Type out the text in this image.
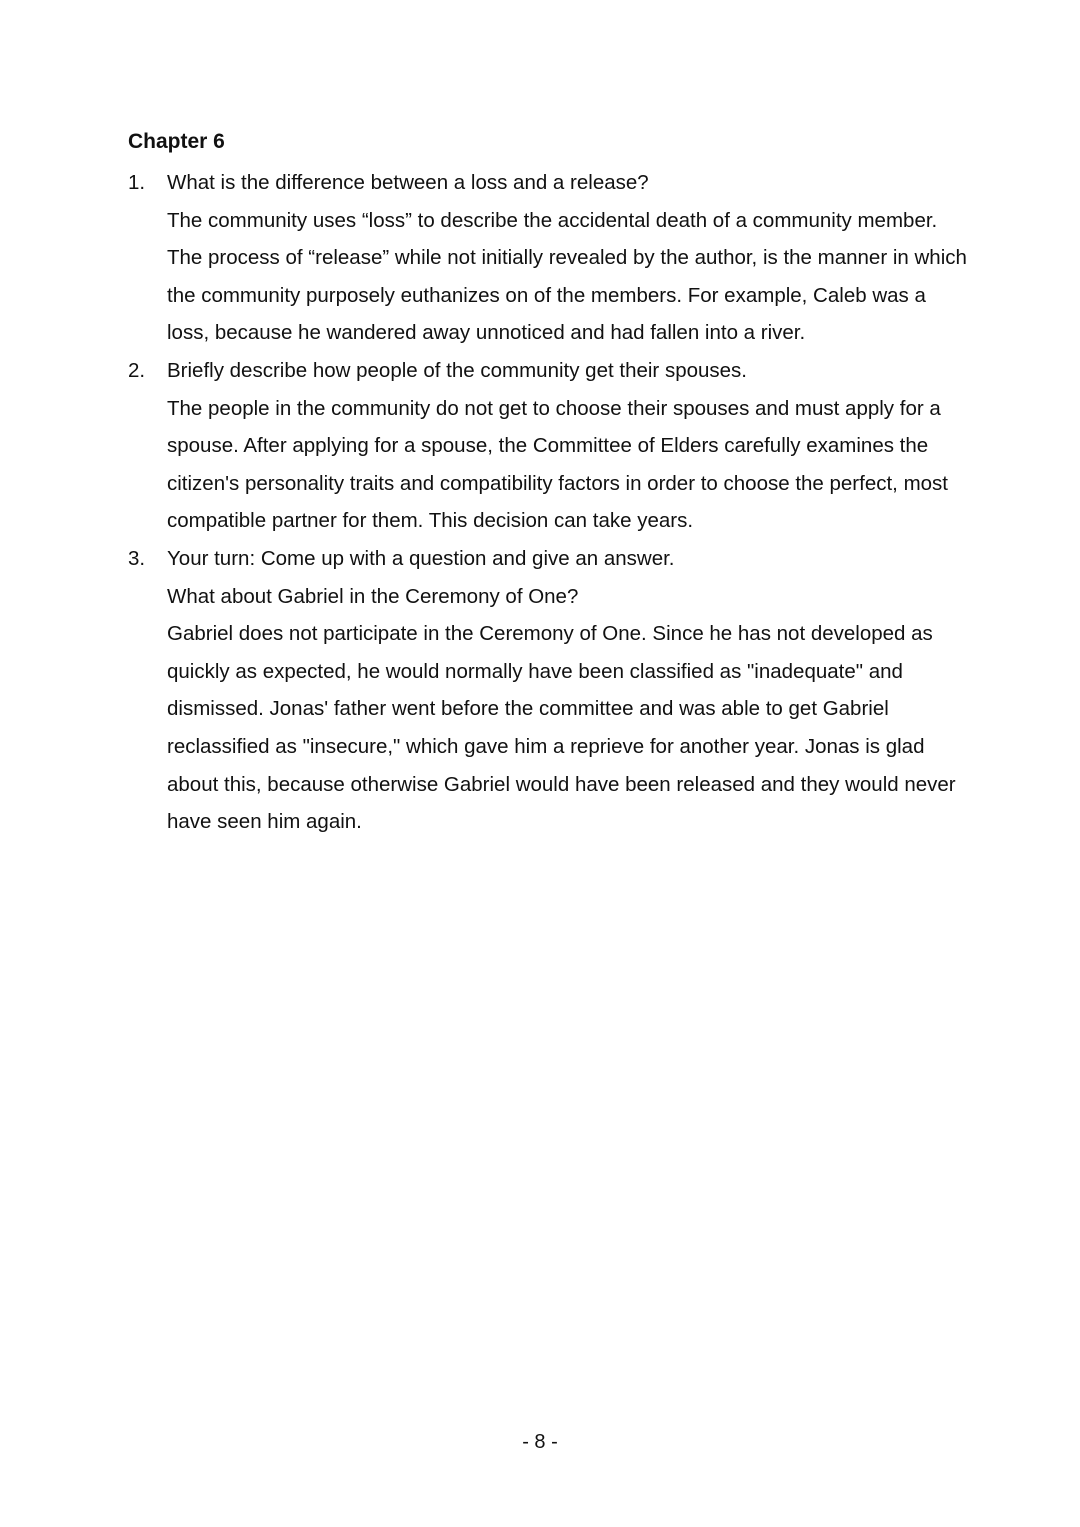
Chapter 6
1. What is the difference between a loss and a release?
The community uses “loss” to describe the accidental death of a community member. The process of “release” while not initially revealed by the author, is the manner in which the community purposely euthanizes on of the members. For example, Caleb was a loss, because he wandered away unnoticed and had fallen into a river.
2. Briefly describe how people of the community get their spouses.
The people in the community do not get to choose their spouses and must apply for a spouse. After applying for a spouse, the Committee of Elders carefully examines the citizen's personality traits and compatibility factors in order to choose the perfect, most compatible partner for them. This decision can take years.
3. Your turn: Come up with a question and give an answer.
What about Gabriel in the Ceremony of One?
Gabriel does not participate in the Ceremony of One. Since he has not developed as quickly as expected, he would normally have been classified as "inadequate" and dismissed. Jonas' father went before the committee and was able to get Gabriel reclassified as "insecure," which gave him a reprieve for another year. Jonas is glad about this, because otherwise Gabriel would have been released and they would never have seen him again.
- 8 -
